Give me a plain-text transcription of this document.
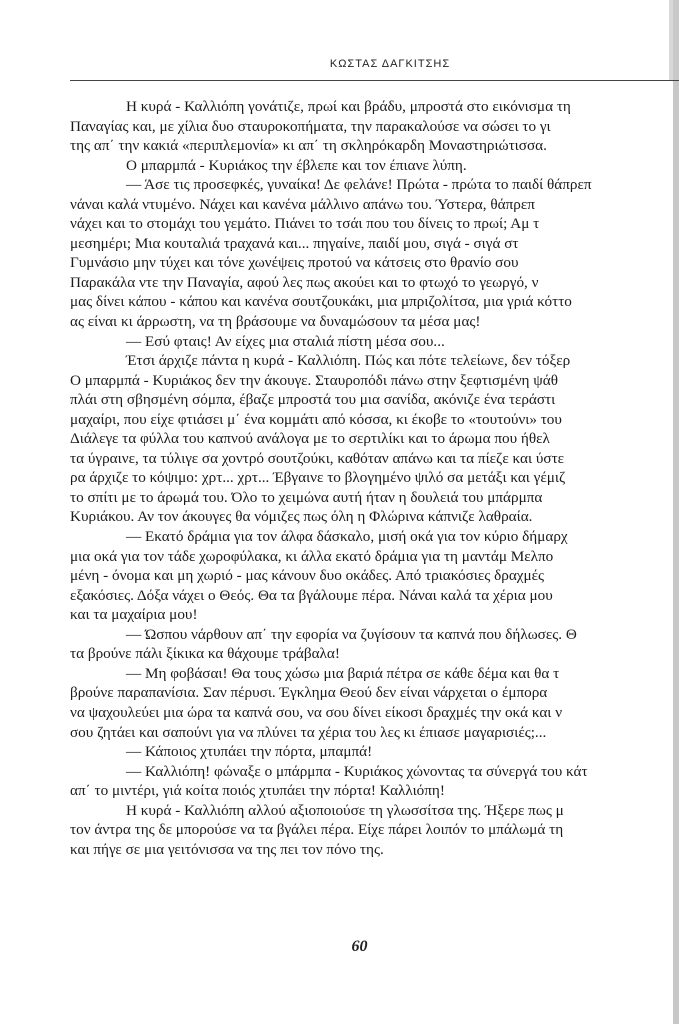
ΚΩΣΤΑΣ ΔΑΓΚΙΤΣΗΣ
Η κυρά - Καλλιόπη γονάτιζε, πρωί και βράδυ, μπροστά στο εικόνισμα τη
Παναγίας και, με χίλια δυο σταυροκοπήματα, την παρακαλούσε να σώσει το γι
της απ΄ την κακιά «περιπλεμονία» κι απ΄ τη σκληρόκαρδη Μοναστηριώτισσα.
Ο μπαρμπά - Κυριάκος την έβλεπε και τον έπιανε λύπη.
— Άσε τις προσεφκές, γυναίκα! Δε φελάνε! Πρώτα - πρώτα το παιδί θάπρεπ
νάναι καλά ντυμένο. Νάχει και κανένα μάλλινο απάνω του. Ύστερα, θάπρεπ
νάχει και το στομάχι του γεμάτο. Πιάνει το τσάι που του δίνεις το πρωί; Αμ τ
μεσημέρι; Μια κουταλιά τραχανά και... πηγαίνε, παιδί μου, σιγά - σιγά στ
Γυμνάσιο μην τύχει και τόνε χωνέψεις προτού να κάτσεις στο θρανίο σου
Παρακάλα ντε την Παναγία, αφού λες πως ακούει και το φτωχό το γεωργό, ν
μας δίνει κάπου - κάπου και κανένα σουτζουκάκι, μια μπριζολίτσα, μια γριά κόττο
ας είναι κι άρρωστη, να τη βράσουμε να δυναμώσουν τα μέσα μας!
— Εσύ φταις! Αν είχες μια σταλιά πίστη μέσα σου...
Έτσι άρχιζε πάντα η κυρά - Καλλιόπη. Πώς και πότε τελείωνε, δεν τόξερ
Ο μπαρμπά - Κυριάκος δεν την άκουγε. Σταυροπόδι πάνω στην ξεφτισμένη ψάθ
πλάι στη σβησμένη σόμπα, έβαζε μπροστά του μια σανίδα, ακόνιζε ένα τεράστι
μαχαίρι, που είχε φτιάσει μ΄ ένα κομμάτι από κόσσα, κι έκοβε το «τουτούνι» του
Διάλεγε τα φύλλα του καπνού ανάλογα με το σερτιλίκι και το άρωμα που ήθελ
τα ύγραινε, τα τύλιγε σα χοντρό σουτζούκι, καθόταν απάνω και τα πίεζε και ύστε
ρα άρχιζε το κόψιμο: χρτ... χρτ... Έβγαινε το βλογημένο ψιλό σα μετάξι και γέμιζ
το σπίτι με το άρωμά του. Όλο το χειμώνα αυτή ήταν η δουλειά του μπάρμπα
Κυριάκου. Αν τον άκουγες θα νόμιζες πως όλη η Φλώρινα κάπνιζε λαθραία.
— Εκατό δράμια για τον άλφα δάσκαλο, μισή οκά για τον κύριο δήμαρχ
μια οκά για τον τάδε χωροφύλακα, κι άλλα εκατό δράμια για τη μαντάμ Μελπο
μένη - όνομα και μη χωριό - μας κάνουν δυο οκάδες. Από τριακόσιες δραχμές
εξακόσιες. Δόξα νάχει ο Θεός. Θα τα βγάλουμε πέρα. Νάναι καλά τα χέρια μου
και τα μαχαίρια μου!
— Ώσπου νάρθουν απ΄ την εφορία να ζυγίσουν τα καπνά που δήλωσες. Θ
τα βρούνε πάλι ξίκικα κα θάχουμε τράβαλα!
— Μη φοβάσαι! Θα τους χώσω μια βαριά πέτρα σε κάθε δέμα και θα τ
βρούνε παραπανίσια. Σαν πέρυσι. Έγκλημα Θεού δεν είναι νάρχεται ο έμπορα
να ψαχουλεύει μια ώρα τα καπνά σου, να σου δίνει είκοσι δραχμές την οκά και ν
σου ζητάει και σαπούνι για να πλύνει τα χέρια του λες κι έπιασε μαγαρισιές;...
— Κάποιος χτυπάει την πόρτα, μπαμπά!
— Καλλιόπη! φώναξε ο μπάρμπα - Κυριάκος χώνοντας τα σύνεργά του κάτ
απ΄ το μιντέρι, γιά κοίτα ποιός χτυπάει την πόρτα! Καλλιόπη!
Η κυρά - Καλλιόπη αλλού αξιοποιούσε τη γλωσσίτσα της. Ήξερε πως μ
τον άντρα της δε μπορούσε να τα βγάλει πέρα. Είχε πάρει λοιπόν το μπάλωμά τη
και πήγε σε μια γειτόνισσα να της πει τον πόνο της.
60
